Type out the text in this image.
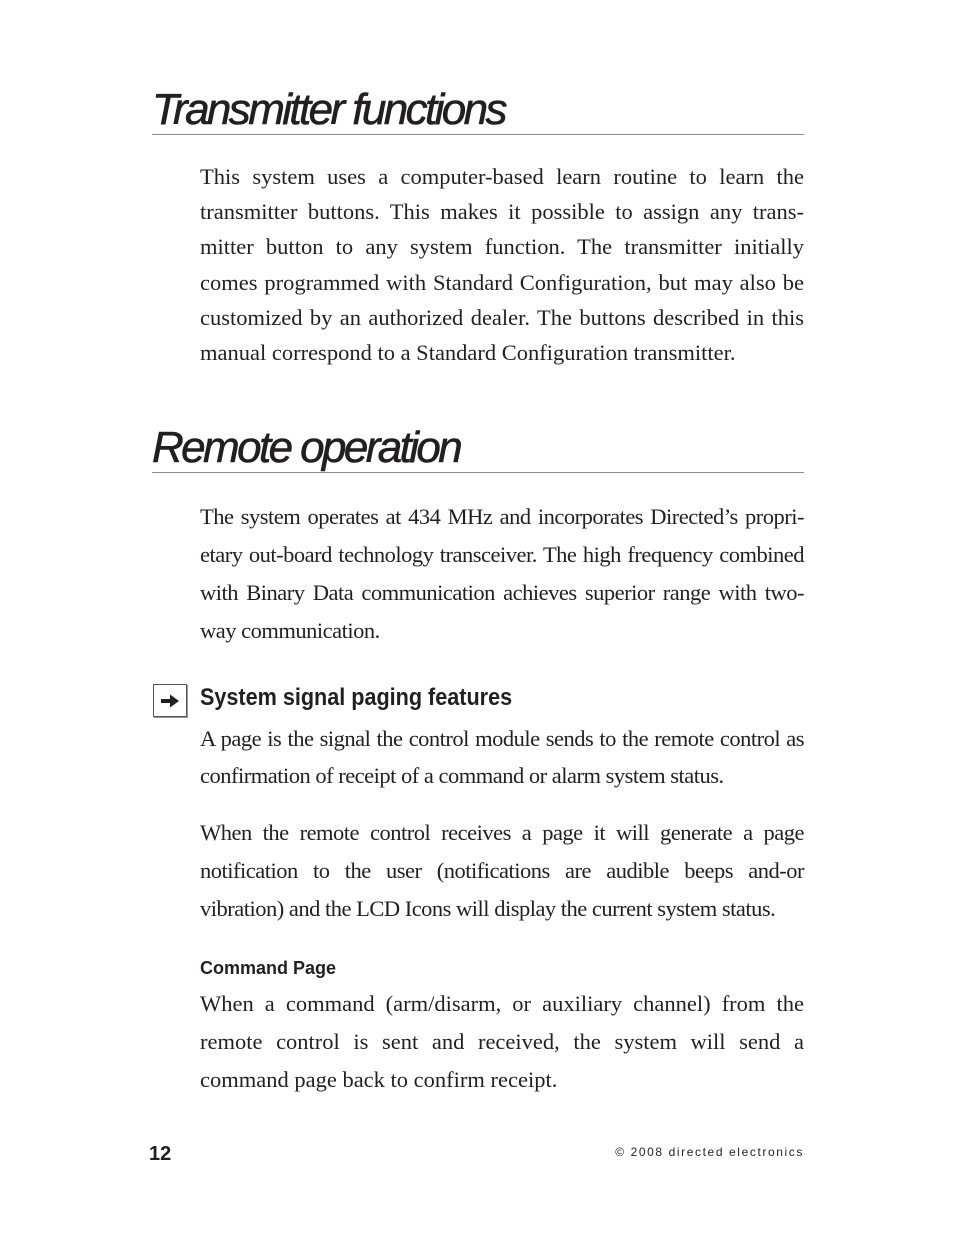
Transmitter functions

This system uses a computer-based learn routine to learn the transmitter buttons. This makes it possible to assign any trans-mitter button to any system function. The transmitter initially comes programmed with Standard Configuration, but may also be customized by an authorized dealer. The buttons described in this manual correspond to a Standard Configuration transmitter.

Remote operation

The system operates at 434 MHz and incorporates Directed’s propri-etary out-board technology transceiver. The high frequency combined with Binary Data communication achieves superior range with two-way communication.

System signal paging features

A page is the signal the control module sends to the remote control as confirmation of receipt of a command or alarm system status.

When the remote control receives a page it will generate a page notification to the user (notifications are audible beeps and-or vibration) and the LCD Icons will display the current system status.

Command Page

When a command (arm/disarm, or auxiliary channel) from the remote control is sent and received, the system will send a command page back to confirm receipt.

12	© 2008 directed electronics
